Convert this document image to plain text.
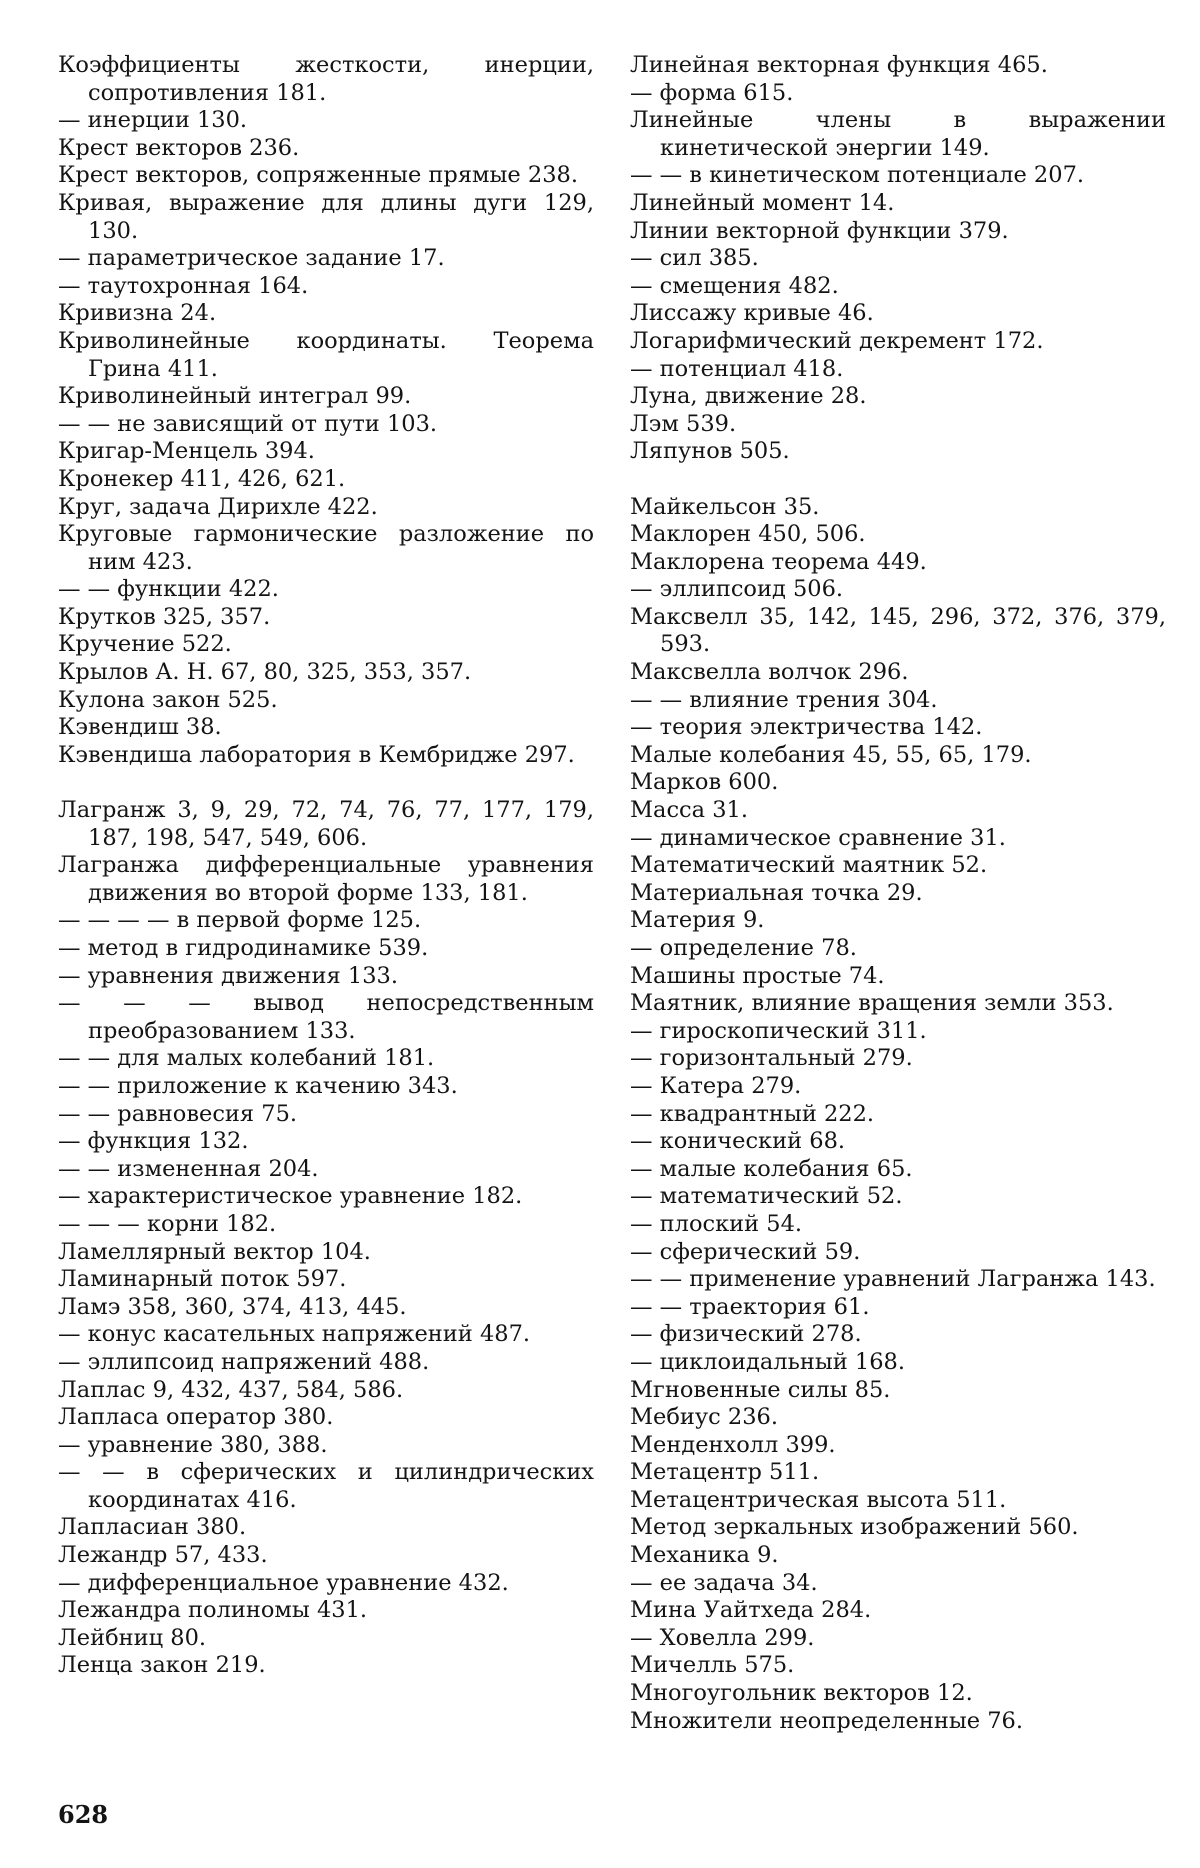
Коэффициенты жесткости, инерции, сопротивления 181.
— инерции 130.
Крест векторов 236.
Крест векторов, сопряженные прямые 238.
Кривая, выражение для длины дуги 129, 130.
— параметрическое задание 17.
— таутохронная 164.
Кривизна 24.
Криволинейные координаты. Теорема Грина 411.
Криволинейный интеграл 99.
— — не зависящий от пути 103.
Кригар-Менцель 394.
Кронекер 411, 426, 621.
Круг, задача Дирихле 422.
Круговые гармонические разложение по ним 423.
— — функции 422.
Крутков 325, 357.
Кручение 522.
Крылов А. Н. 67, 80, 325, 353, 357.
Кулона закон 525.
Кэвендиш 38.
Кэвендиша лаборатория в Кембридже 297.
Лагранж 3, 9, 29, 72, 74, 76, 77, 177, 179, 187, 198, 547, 549, 606.
Лагранжа дифференциальные уравнения движения во второй форме 133, 181.
— — — — в первой форме 125.
— метод в гидродинамике 539.
— уравнения движения 133.
— — — вывод непосредственным преобразованием 133.
— — для малых колебаний 181.
— — приложение к качению 343.
— — равновесия 75.
— функция 132.
— — измененная 204.
— характеристическое уравнение 182.
— — — корни 182.
Ламеллярный вектор 104.
Ламинарный поток 597.
Ламэ 358, 360, 374, 413, 445.
— конус касательных напряжений 487.
— эллипсоид напряжений 488.
Лаплас 9, 432, 437, 584, 586.
Лапласа оператор 380.
— уравнение 380, 388.
— — в сферических и цилиндрических координатах 416.
Лапласиан 380.
Лежандр 57, 433.
— дифференциальное уравнение 432.
Лежандра полиномы 431.
Лейбниц 80.
Ленца закон 219.
Линейная векторная функция 465.
— форма 615.
Линейные члены в выражении кинетической энергии 149.
— — в кинетическом потенциале 207.
Линейный момент 14.
Линии векторной функции 379.
— сил 385.
— смещения 482.
Лиссажу кривые 46.
Логарифмический декремент 172.
— потенциал 418.
Луна, движение 28.
Лэм 539.
Ляпунов 505.
Майкельсон 35.
Маклорен 450, 506.
Маклорена теорема 449.
— эллипсоид 506.
Максвелл 35, 142, 145, 296, 372, 376, 379, 593.
Максвелла волчок 296.
— — влияние трения 304.
— теория электричества 142.
Малые колебания 45, 55, 65, 179.
Марков 600.
Масса 31.
— динамическое сравнение 31.
Математический маятник 52.
Материальная точка 29.
Материя 9.
— определение 78.
Машины простые 74.
Маятник, влияние вращения земли 353.
— гироскопический 311.
— горизонтальный 279.
— Катера 279.
— квадрантный 222.
— конический 68.
— малые колебания 65.
— математический 52.
— плоский 54.
— сферический 59.
— — применение уравнений Лагранжа 143.
— — траектория 61.
— физический 278.
— циклоидальный 168.
Мгновенные силы 85.
Мебиус 236.
Менденхолл 399.
Метацентр 511.
Метацентрическая высота 511.
Метод зеркальных изображений 560.
Механика 9.
— ее задача 34.
Мина Уайтхеда 284.
— Ховелла 299.
Мичелль 575.
Многоугольник векторов 12.
Множители неопределенные 76.
628
